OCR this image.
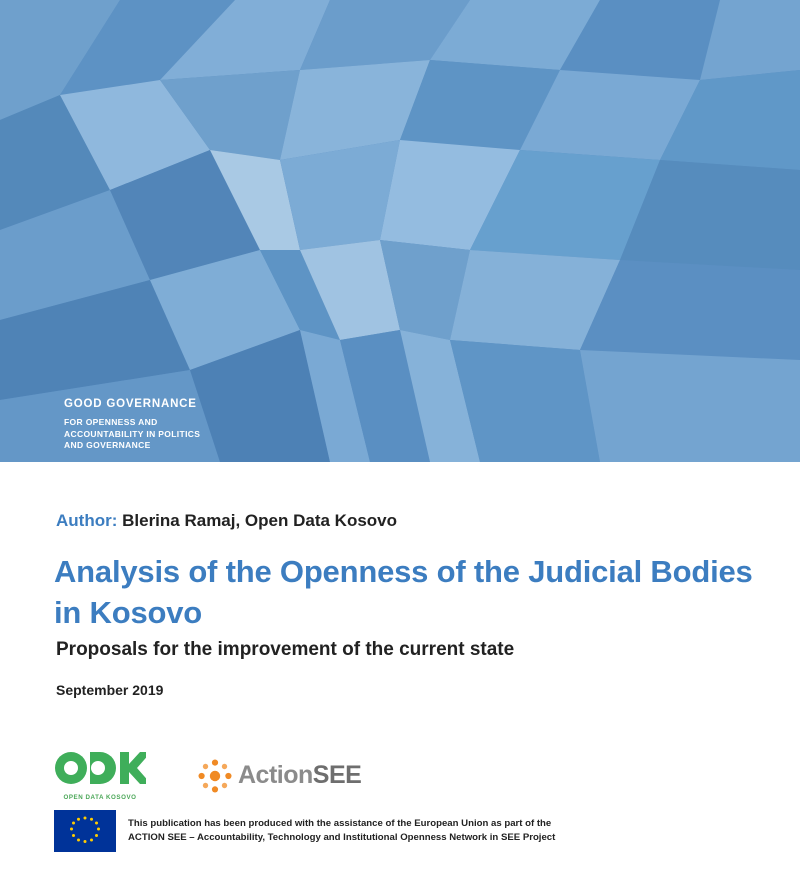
GOOD GOVERNANCE
FOR OPENNESS AND
ACCOUNTABILITY IN POLITICS
AND GOVERNANCE
Author: Blerina Ramaj, Open Data Kosovo
Analysis of the Openness of the Judicial Bodies in Kosovo
Proposals for the improvement of the current state
September 2019
OPEN DATA KOSOVO
ActionSEE
This publication has been produced with the assistance of the European Union as part of the
ACTION SEE – Accountability, Technology and Institutional Openness Network in SEE Project
